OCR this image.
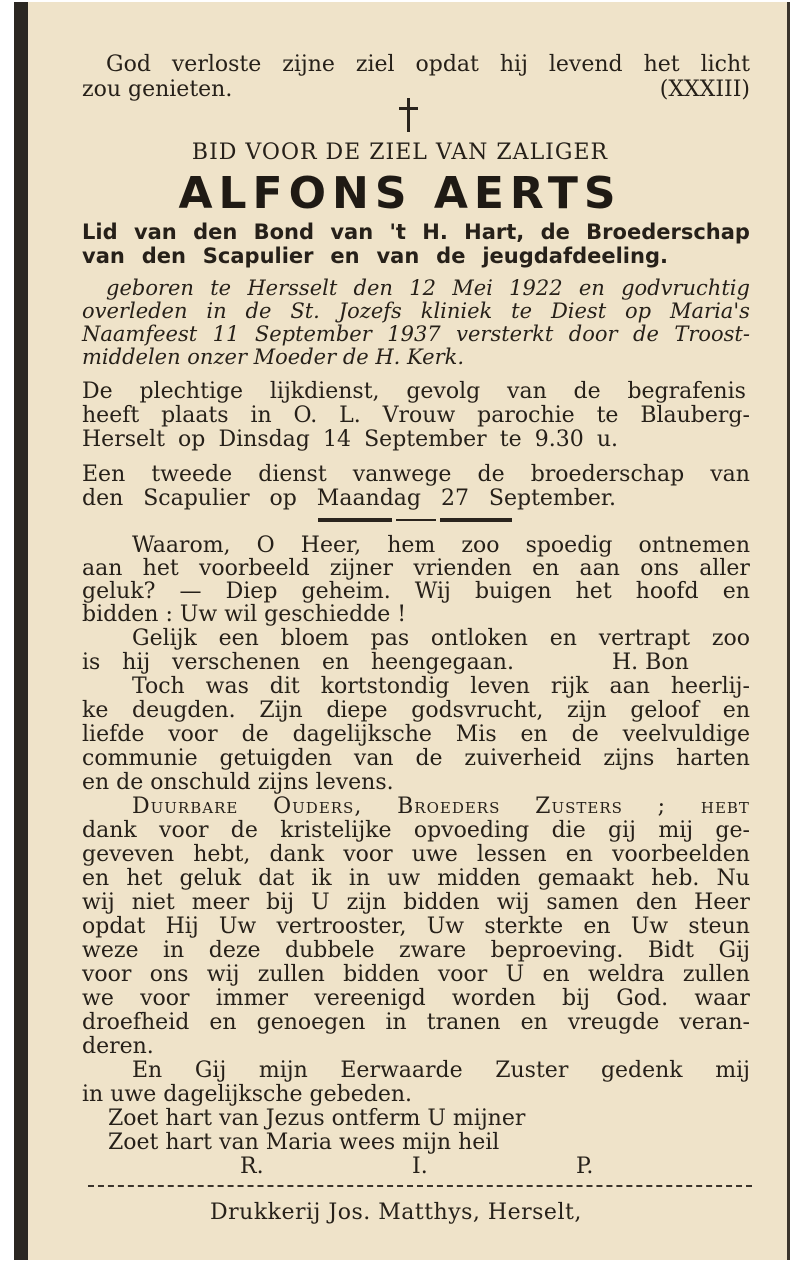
God verloste zijne ziel opdat hij levend het licht
zou genieten.	(XXXIII)
BID VOOR DE ZIEL VAN ZALIGER
ALFONS AERTS
Lid van den Bond van 't H. Hart, de Broederschap
van den Scapulier en van de jeugdafdeeling.
geboren te Hersselt den 12 Mei 1922 en godvruchtig
overleden in de St. Jozefs kliniek te Diest op Maria's
Naamfeest 11 September 1937 versterkt door de Troost-
middelen onzer Moeder de H. Kerk.
De plechtige lijkdienst, gevolg van de begrafenis
heeft plaats in O. L. Vrouw parochie te Blauberg-
Herselt op Dinsdag 14 September te 9.30 u.
Een tweede dienst vanwege de broederschap van
den Scapulier op Maandag 27 September.
Waarom, O Heer, hem zoo spoedig ontnemen
aan het voorbeeld zijner vrienden en aan ons aller
geluk? — Diep geheim. Wij buigen het hoofd en
bidden : Uw wil geschiedde !
Gelijk een bloem pas ontloken en vertrapt zoo
is hij verschenen en heengegaan.	H. Bon
Toch was dit kortstondig leven rijk aan heerlij-
ke deugden. Zijn diepe godsvrucht, zijn geloof en
liefde voor de dagelijksche Mis en de veelvuldige
communie getuigden van de zuiverheid zijns harten
en de onschuld zijns levens.
Duurbare Ouders, Broeders Zusters ; hebt
dank voor de kristelijke opvoeding die gij mij ge-
geveven hebt, dank voor uwe lessen en voorbeelden
en het geluk dat ik in uw midden gemaakt heb. Nu
wij niet meer bij U zijn bidden wij samen den Heer
opdat Hij Uw vertrooster, Uw sterkte en Uw steun
weze in deze dubbele zware beproeving. Bidt Gij
voor ons wij zullen bidden voor U en weldra zullen
we voor immer vereenigd worden bij God. waar
droefheid en genoegen in tranen en vreugde veran-
deren.
En Gij mijn Eerwaarde Zuster gedenk mij
in uwe dagelijksche gebeden.
Zoet hart van Jezus ontferm U mijner
Zoet hart van Maria wees mijn heil
R.	I.	P.
Drukkerij Jos. Matthys, Herselt,
